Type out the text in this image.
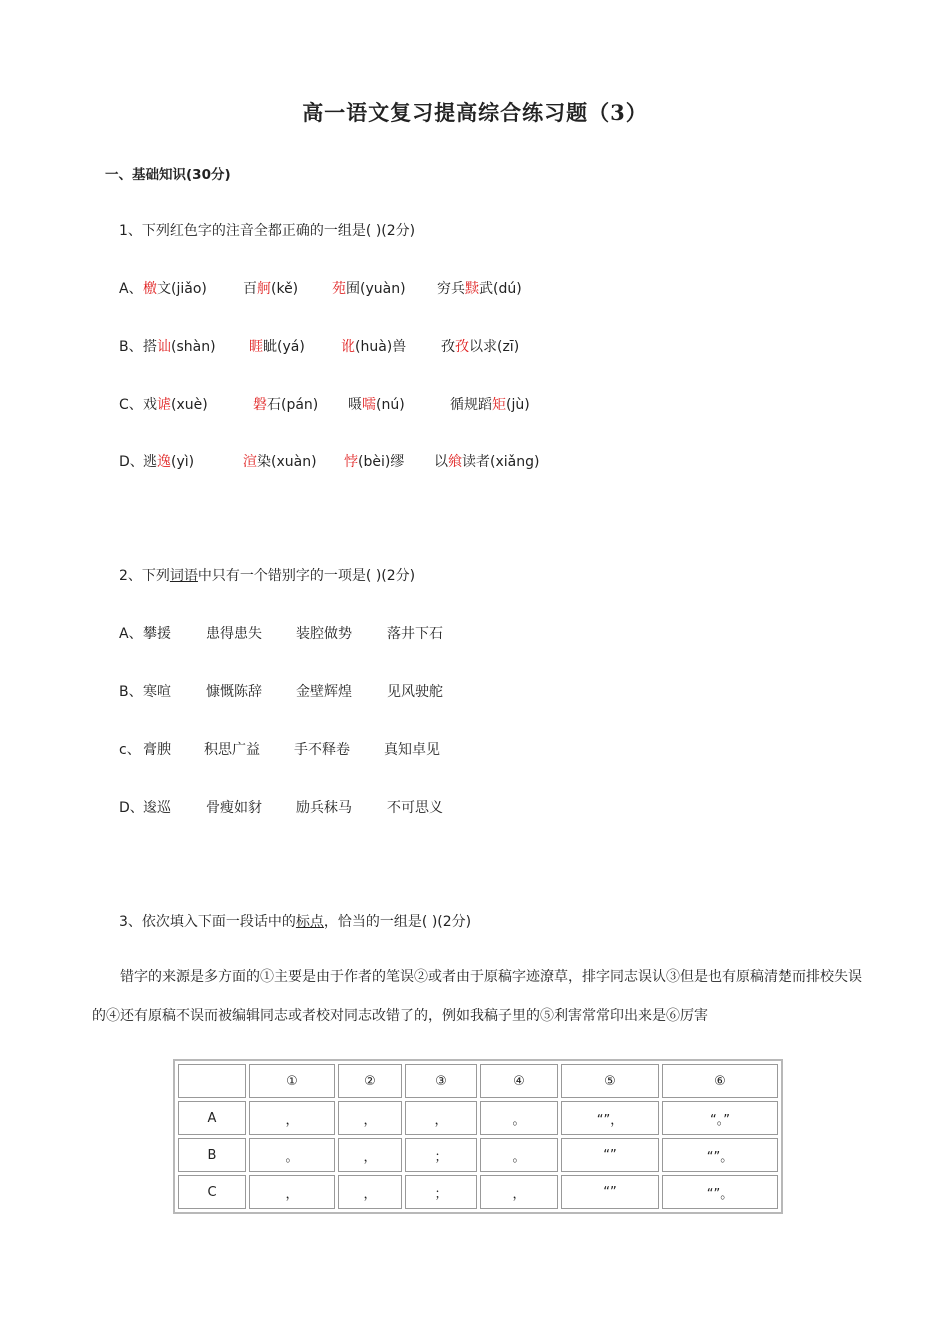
高一语文复习提高综合练习题（3）
一、基础知识(30分)
1、下列红色字的注音全都正确的一组是( )(2分)
A、 檄文(jiǎo)	百舸(kě) 苑囿(yuàn) 穷兵黩武(dú)
B、 搭讪(shàn) 睚眦(yá)	讹(huà)兽 孜孜以求(zī)
C、 戏谑(xuè)	磐石(pán) 嗫嚅(nú)	循规蹈矩(jù)
D、 逃逸(yì)	渲染(xuàn) 悖(bèi)缪 以飨读者(xiǎng)
2、下列词语中只有一个错别字的一项是( )(2分)
A、 攀援	患得患失 装腔做势	落井下石
B、 寒喧	慷慨陈辞 金壁辉煌	见风驶舵
c、 膏腴 积思广益 手不释卷 真知卓见
D、 逡巡	骨瘦如豺 励兵秣马	不可思义
3、依次填入下面一段话中的标点，恰当的一组是( )(2分)
错字的来源是多方面的①主要是由于作者的笔误②或者由于原稿字迹潦草，排字同志误认③但是也有原稿清楚而排校失误的④还有原稿不误而被编辑同志或者校对同志改错了的，例如我稿子里的⑤利害常常印出来是⑥厉害
	①	②	③	④	⑤	⑥
A	，	，	，	。	“”，	“。”
B	。	，	；	。	“”	“”。
C	，	，	；	，	“”	“”。
